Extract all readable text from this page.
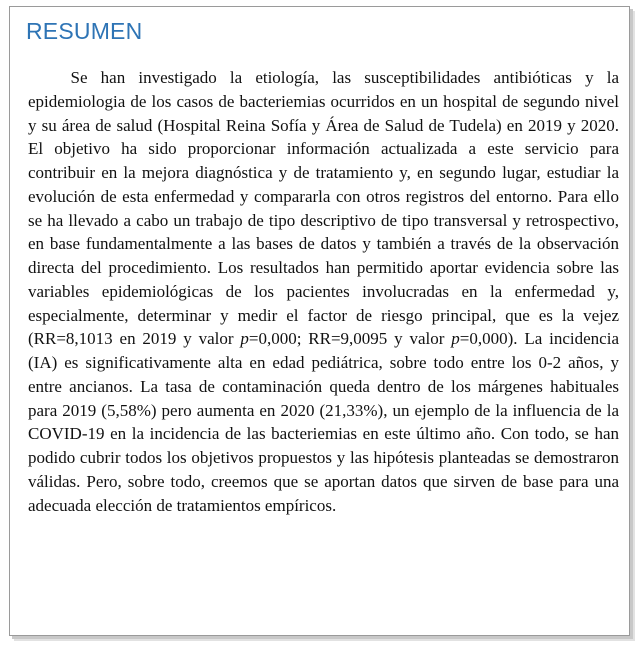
RESUMEN

Se han investigado la etiología, las susceptibilidades antibióticas y la epidemiologia de los casos de bacteriemias ocurridos en un hospital de segundo nivel y su área de salud (Hospital Reina Sofía y Área de Salud de Tudela) en 2019 y 2020. El objetivo ha sido proporcionar información actualizada a este servicio para contribuir en la mejora diagnóstica y de tratamiento y, en segundo lugar, estudiar la evolución de esta enfermedad y compararla con otros registros del entorno. Para ello se ha llevado a cabo un trabajo de tipo descriptivo de tipo transversal y retrospectivo, en base fundamentalmente a las bases de datos y también a través de la observación directa del procedimiento. Los resultados han permitido aportar evidencia sobre las variables epidemiológicas de los pacientes involucradas en la enfermedad y, especialmente, determinar y medir el factor de riesgo principal, que es la vejez (RR=8,1013 en 2019 y valor p=0,000; RR=9,0095 y valor p=0,000). La incidencia (IA) es significativamente alta en edad pediátrica, sobre todo entre los 0-2 años, y entre ancianos. La tasa de contaminación queda dentro de los márgenes habituales para 2019 (5,58%) pero aumenta en 2020 (21,33%), un ejemplo de la influencia de la COVID-19 en la incidencia de las bacteriemias en este último año. Con todo, se han podido cubrir todos los objetivos propuestos y las hipótesis planteadas se demostraron válidas. Pero, sobre todo, creemos que se aportan datos que sirven de base para una adecuada elección de tratamientos empíricos.
